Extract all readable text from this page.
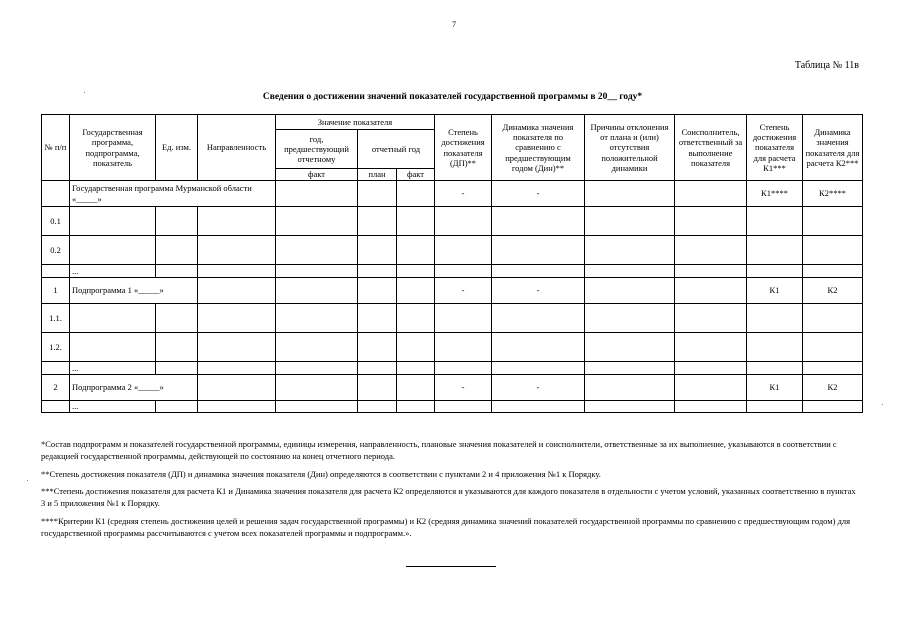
7
Таблица № 11в
Сведения о достижении значений показателей государственной программы в 20__ году*
№ п/п	Государственная программа, подпрограмма, показатель	Ед. изм.	Направленность	Значение показателя			Степень достижения показателя (ДП)**	Динамика значения показателя по сравнению с предшествующим годом (Дин)**	Причины отклонения от плана и (или) отсутствия положительной динамики	Соисполнитель, ответственный за выполнение показателя	Степень достижения показателя для расчета К1***	Динамика значения показателя для расчета К2***
				год, предшествующий отчетному	отчетный год							
				факт	план	факт						
	Государственная программа Мурманской области «_____»						-	-			К1****	К2****
0.1												
0.2												
	...											
1	Подпрограмма 1 «_____»						-	-			К1	К2
1.1.												
1.2.												
	...											
2	Подпрограмма 2 «_____»						-	-			К1	К2
	...											

*Состав подпрограмм и показателей государственной программы, единицы измерения, направленность, плановые значения показателей и соисполнители, ответственные за их выполнение, указываются в соответствии с редакцией государственной программы, действующей по состоянию на конец отчетного периода.

**Степень достижения показателя (ДП) и динамика значения показателя (Дин) определяются в соответствии с пунктами 2 и 4 приложения №1 к Порядку.

***Степень достижения показателя для расчета К1 и Динамика значения показателя для расчета К2 определяются и указываются для каждого показателя в отдельности с учетом условий, указанных соответственно в пунктах 3 и 5 приложения №1 к Порядку.

****Критерии К1 (средняя степень достижения целей и решения задач государственной программы) и К2 (средняя динамика значений показателей государственной программы по сравнению с предшествующим годом) для государственной программы рассчитываются с учетом всех показателей программы и подпрограмм.».
